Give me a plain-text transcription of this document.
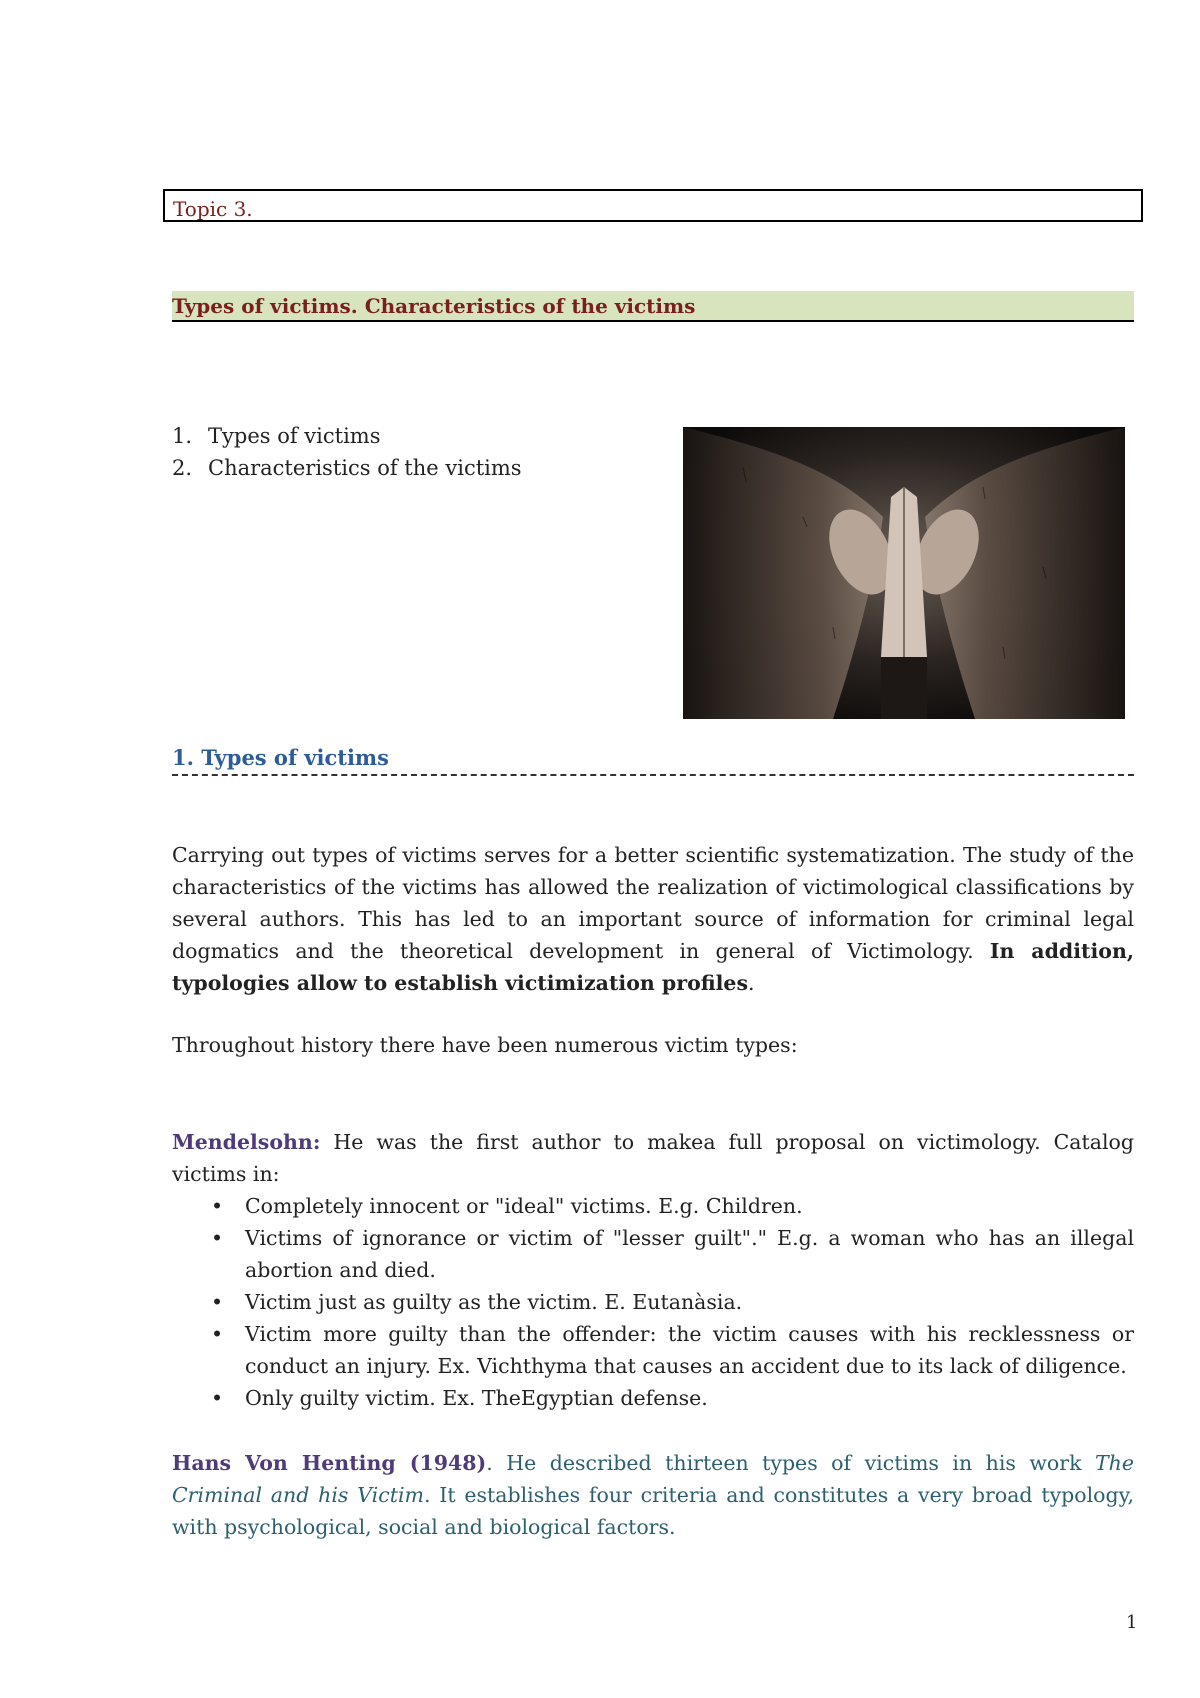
Topic 3.
Types of victims. Characteristics of the victims
1. Types of victims
2. Characteristics of the victims
1. Types of victims
Carrying out types of victims serves for a better scientific systematization. The study of the characteristics of the victims has allowed the realization of victimological classifications by several authors. This has led to an important source of information for criminal legal dogmatics and the theoretical development in general of Victimology. In addition, typologies allow to establish victimization profiles.
Throughout history there have been numerous victim types:
Mendelsohn: He was the first author to makea full proposal on victimology. Catalog victims in:
• Completely innocent or "ideal" victims. E.g. Children.
• Victims of ignorance or victim of "lesser guilt"." E.g. a woman who has an illegal abortion and died.
• Victim just as guilty as the victim. E. Eutanàsia.
• Victim more guilty than the offender: the victim causes with his recklessness or conduct an injury. Ex. Vichthyma that causes an accident due to its lack of diligence.
• Only guilty victim. Ex. TheEgyptian defense.
Hans Von Henting (1948). He described thirteen types of victims in his work The Criminal and his Victim. It establishes four criteria and constitutes a very broad typology, with psychological, social and biological factors.
1
